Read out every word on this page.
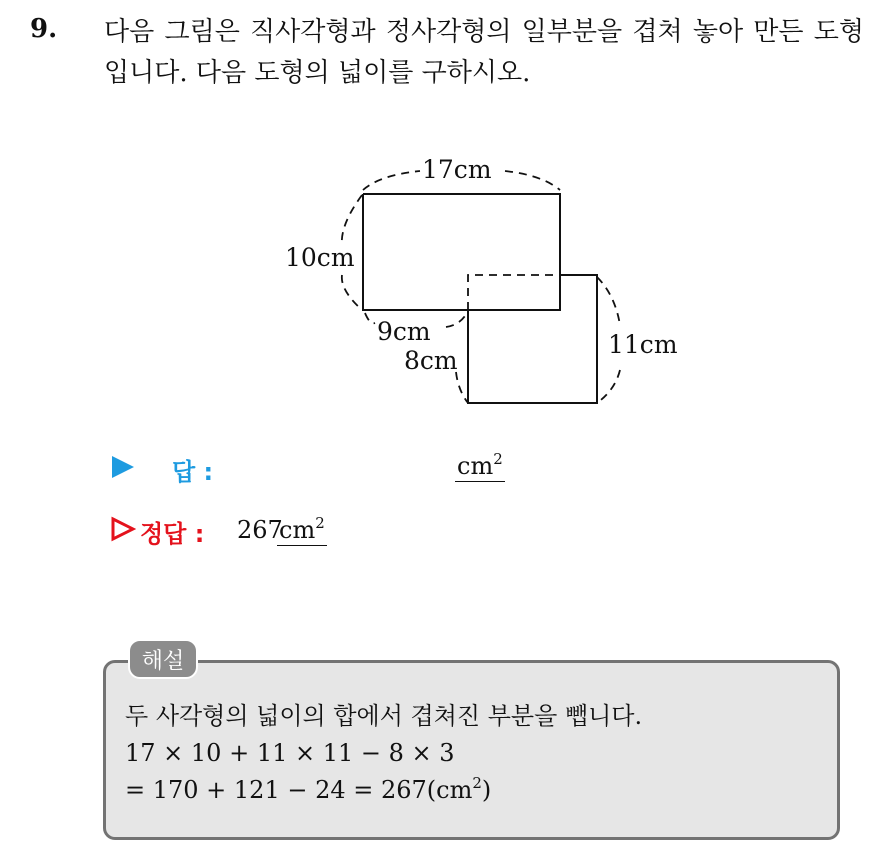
9. 다음 그림은 직사각형과 정사각형의 일부분을 겹쳐 놓아 만든 도형입니다. 다음 도형의 넓이를 구하시오.
17cm
10cm
9cm
8cm
11cm
답 :	$cm^2$
정답 : 267
$cm^2$
해설
두 사각형의 넓이의 합에서 겹쳐진 부분을 뺍니다.
17 × 10 + 11 × 11 − 8 × 3
= $170 + 121 - 24 = 267(cm^2)$
